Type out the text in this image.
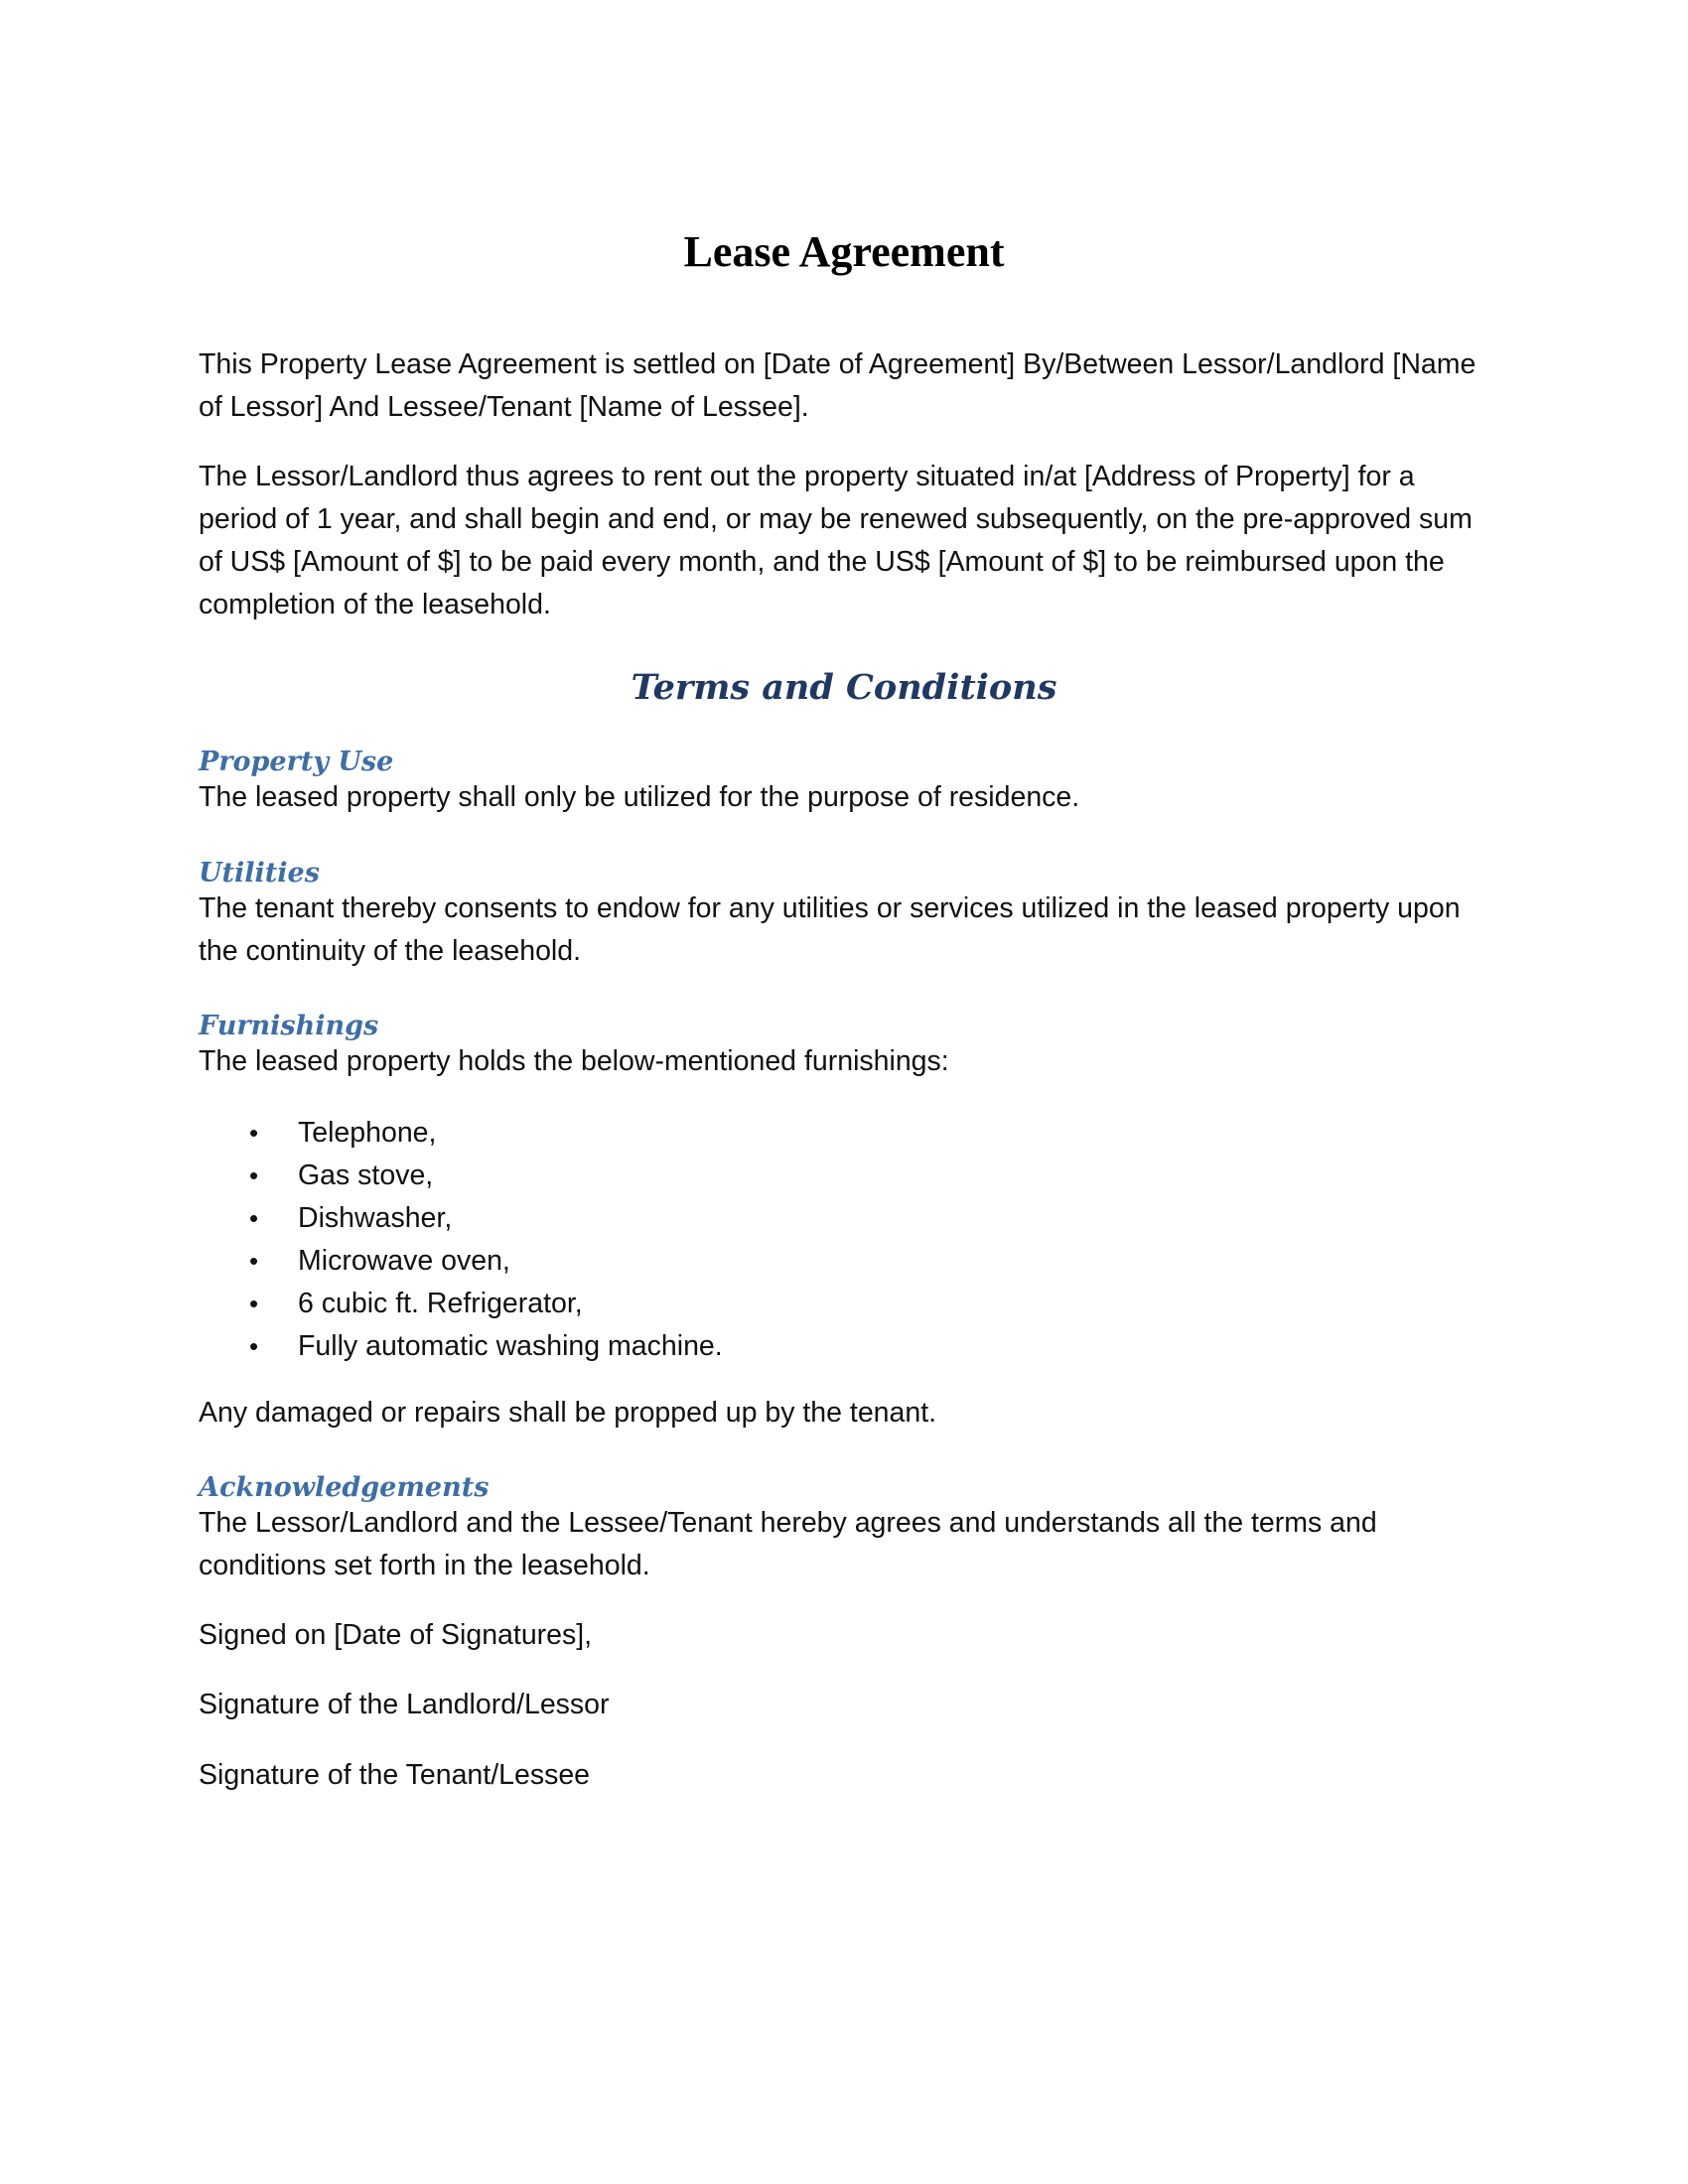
Lease Agreement

This Property Lease Agreement is settled on [Date of Agreement] By/Between Lessor/Landlord [Name of Lessor] And Lessee/Tenant [Name of Lessee].

The Lessor/Landlord thus agrees to rent out the property situated in/at [Address of Property] for a period of 1 year, and shall begin and end, or may be renewed subsequently, on the pre-approved sum of US$ [Amount of $] to be paid every month, and the US$ [Amount of $] to be reimbursed upon the completion of the leasehold.

Terms and Conditions
Property Use

The leased property shall only be utilized for the purpose of residence.

Utilities

The tenant thereby consents to endow for any utilities or services utilized in the leased property upon the continuity of the leasehold.

Furnishings

The leased property holds the below-mentioned furnishings:

• Telephone,
• Gas stove,
• Dishwasher,
• Microwave oven,
• 6 cubic ft. Refrigerator,
• Fully automatic washing machine.

Any damaged or repairs shall be propped up by the tenant.

Acknowledgements

The Lessor/Landlord and the Lessee/Tenant hereby agrees and understands all the terms and conditions set forth in the leasehold.

Signed on [Date of Signatures],

Signature of the Landlord/Lessor

Signature of the Tenant/Lessee
